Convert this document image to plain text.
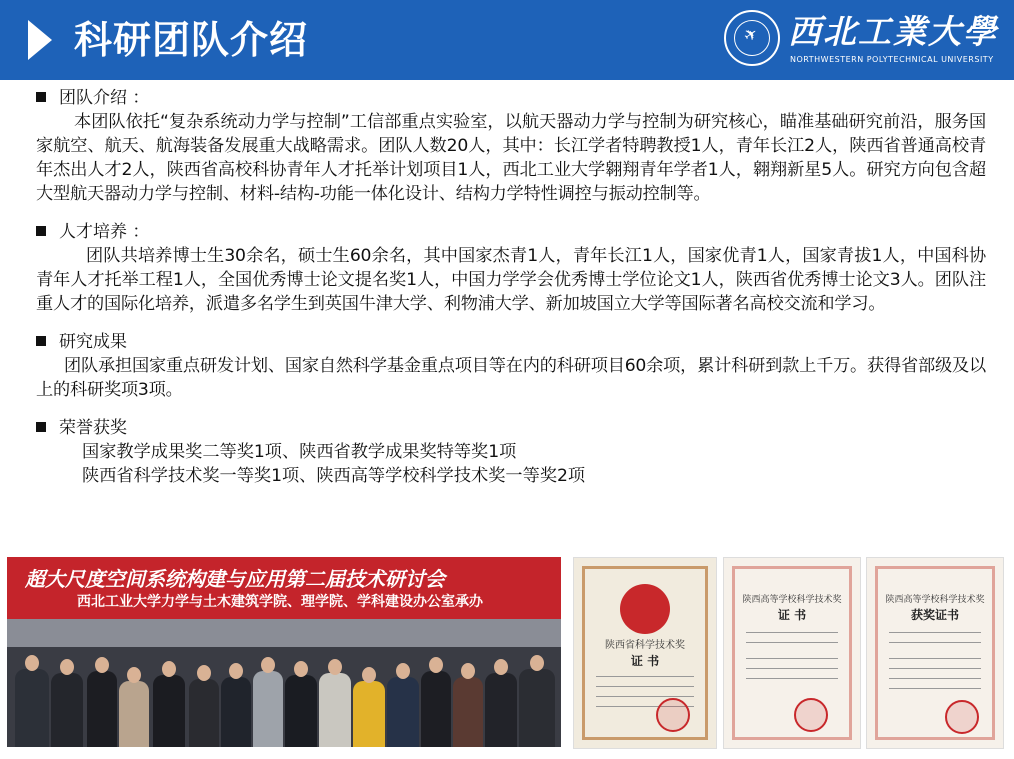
科研团队介绍	✈ 西北工業大學
NORTHWESTERN POLYTECHNICAL UNIVERSITY
团队介绍 ：
本团队依托“复杂系统动力学与控制”工信部重点实验室，以航天器动力学与控制为研究核心，瞄准基础研究前沿，服务国家航空、航天、航海装备发展重大战略需求。团队人数20人，其中：长江学者特聘教授1人，青年长江2人，陕西省普通高校青年杰出人才2人，陕西省高校科协青年人才托举计划项目1人，西北工业大学翱翔青年学者1人，翱翔新星5人。研究方向包含超大型航天器动力学与控制、材料-结构-功能一体化设计、结构力学特性调控与振动控制等。
人才培养 ：
团队共培养博士生30余名，硕士生60余名，其中国家杰青1人，青年长江1人，国家优青1人，国家青拔1人，中国科协青年人才托举工程1人，全国优秀博士论文提名奖1人，中国力学学会优秀博士学位论文1人，陕西省优秀博士论文3人。团队注重人才的国际化培养，派遣多名学生到英国牛津大学、利物浦大学、新加坡国立大学等国际著名高校交流和学习。
研究成果
团队承担国家重点研发计划、国家自然科学基金重点项目等在内的科研项目60余项，累计科研到款上千万。获得省部级及以上的科研奖项3项。
荣誉获奖
国家教学成果奖二等奖1项、陕西省教学成果奖特等奖1项
陕西省科学技术奖一等奖1项、陕西高等学校科学技术奖一等奖2项
超大尺度空间系统构建与应用第二届技术研讨会
西北工业大学力学与土木建筑学院、理学院、学科建设办公室承办
陕西省科学技术奖
证 书
陕西高等学校科学技术奖
证 书
陕西高等学校科学技术奖
获奖证书
